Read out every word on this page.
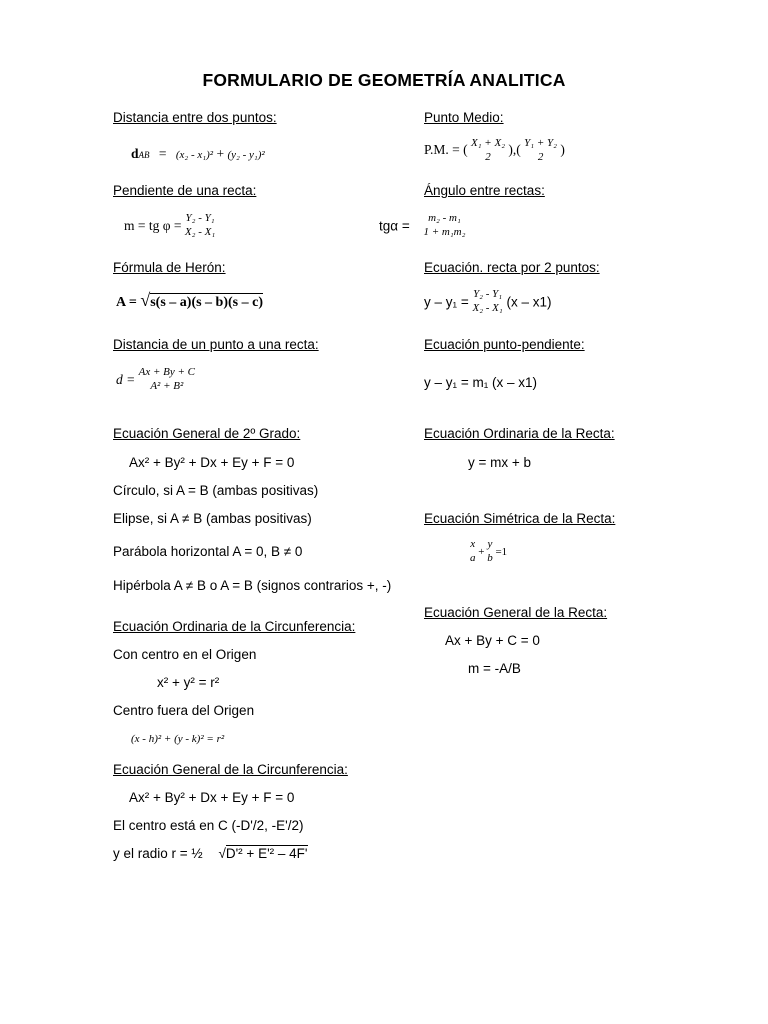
FORMULARIO DE GEOMETRÍA ANALITICA
Distancia entre dos puntos:
dAB = (x₂ - x₁)² + (y₂ - y₁)²
Punto Medio:
P.M. = ( X₁ + X₂
2	),( Y₁ + Y₂
2	)
Pendiente de una recta:
m = tg φ = Y₂ - Y₁
X₂ - X₁
Ángulo entre rectas:
tgα =
m₂ - m₁
1 + m₁m₂
Fórmula de Herón:
A = √s(s – a)(s – b)(s – c)
Ecuación. recta por 2 puntos:
y – y₁ =
Y₂ - Y₁
X₂ - X₁ (x – x1)
Distancia de un punto a una recta:
d = Ax + By + C
A² + B²
Ecuación punto-pendiente:
y – y₁ = m₁ (x – x1)
Ecuación General de 2º Grado:
Ax² + By² + Dx + Ey + F = 0
Círculo, si A = B (ambas positivas)
Elipse, si A ≠ B (ambas positivas)
Parábola horizontal A = 0, B ≠ 0
Hipérbola A ≠ B o A = B (signos contrarios +, -)
Ecuación Ordinaria de la Recta:
y = mx + b
Ecuación Simétrica de la Recta:
x
a +
y
b =1
Ecuación General de la Recta:
Ax + By + C = 0
m = -A/B
Ecuación Ordinaria de la Circunferencia:
Con centro en el Origen
x² + y² = r²
Centro fuera del Origen
(x - h)² + (y - k)² = r²
Ecuación General de la Circunferencia:
Ax² + By² + Dx + Ey + F = 0
El centro está en C (-D'/2, -E'/2)
y el radio r = ½ √D'² + E'² – 4F'
